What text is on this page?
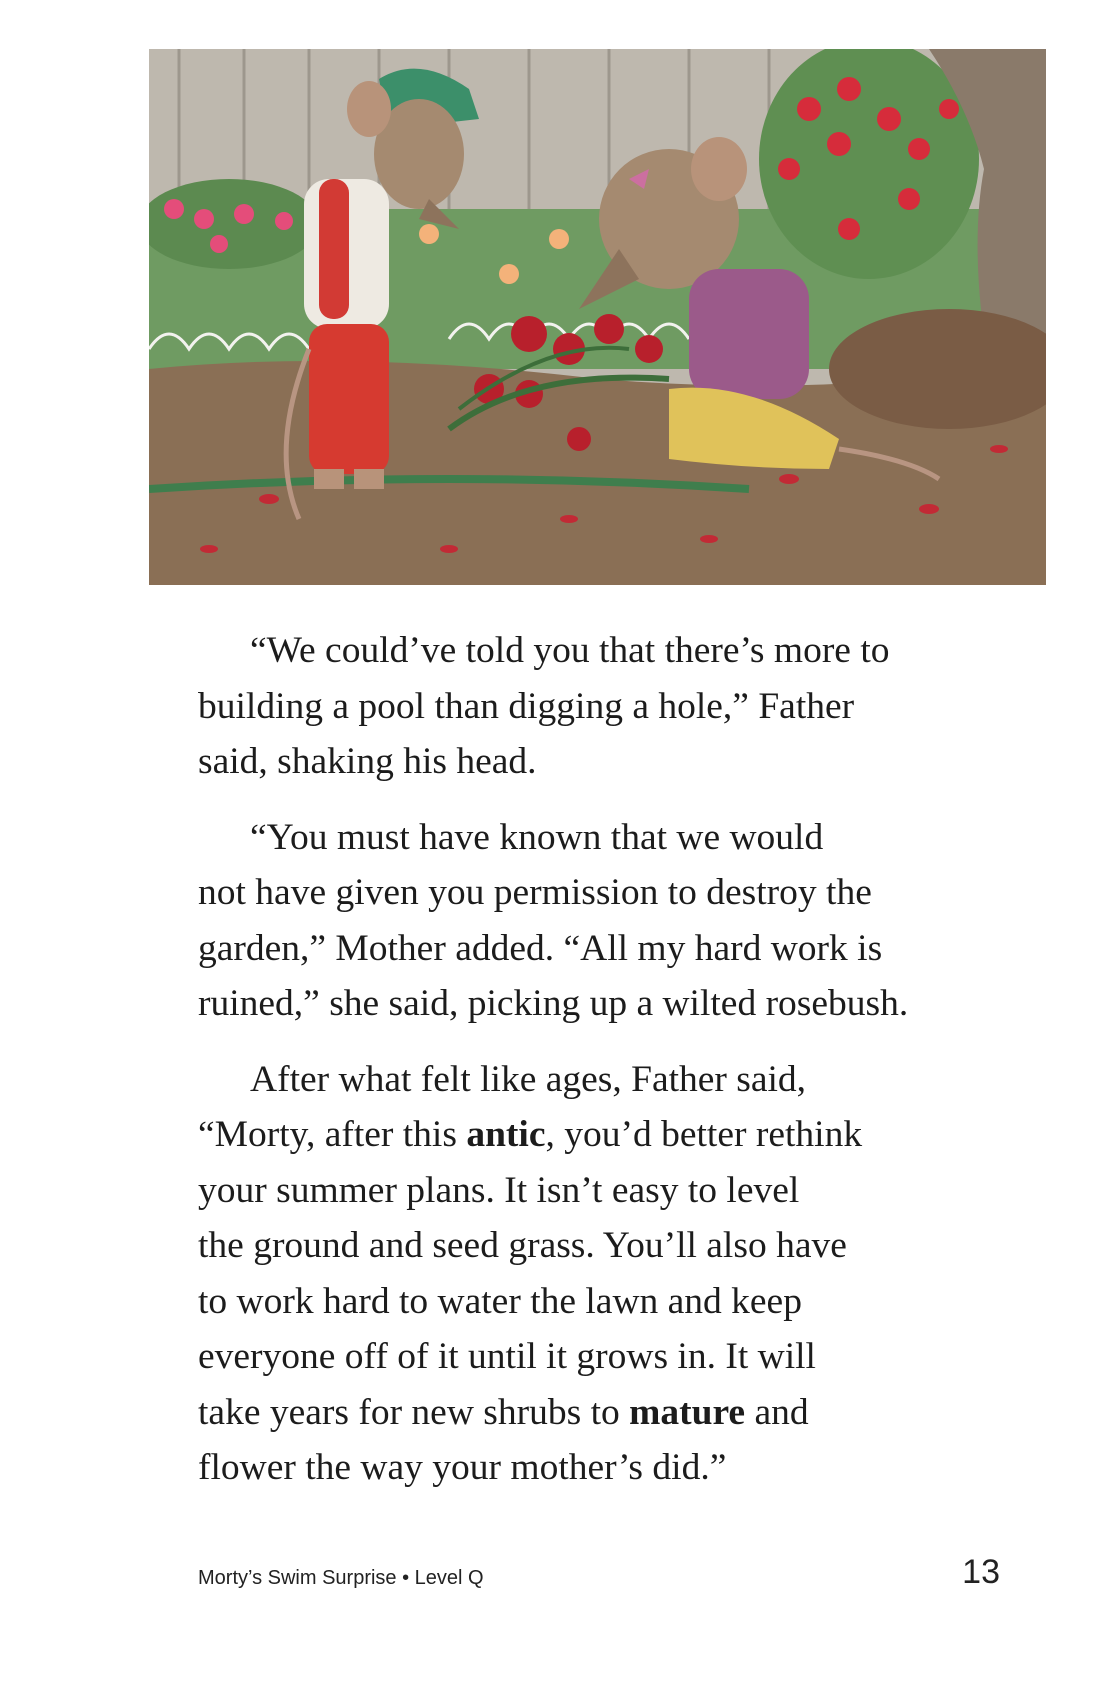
“We could’ve told you that there’s more to
building a pool than digging a hole,” Father
said, shaking his head.

“You must have known that we would
not have given you permission to destroy the
garden,” Mother added. “All my hard work is
ruined,” she said, picking up a wilted rosebush.

After what felt like ages, Father said,
“Morty, after this antic, you’d better rethink
your summer plans. It isn’t easy to level
the ground and seed grass. You’ll also have
to work hard to water the lawn and keep
everyone off of it until it grows in. It will
take years for new shrubs to mature and
flower the way your mother’s did.”

Morty’s Swim Surprise • Level Q	13
